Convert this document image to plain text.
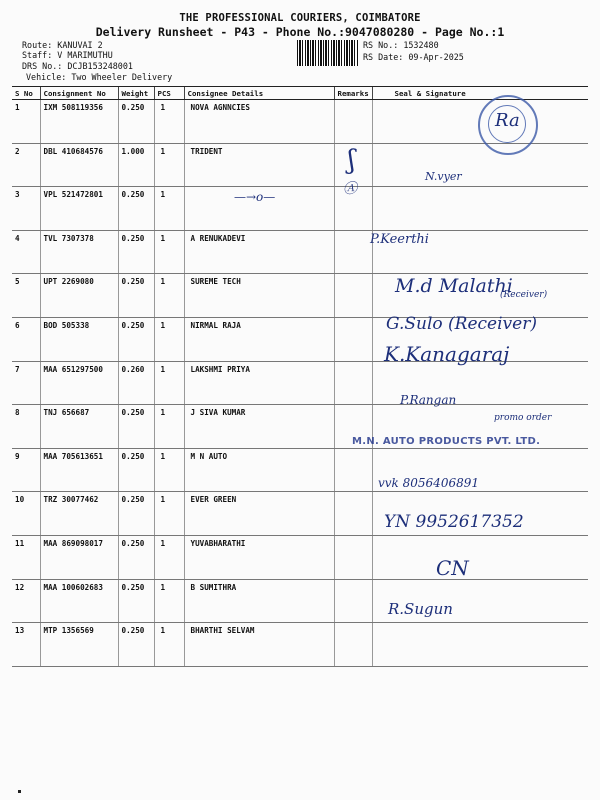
THE PROFESSIONAL COURIERS, COIMBATORE
Delivery Runsheet - P43 - Phone No.:9047080280 - Page No.:1
Route: KANUVAI 2
Staff: V MARIMUTHU
DRS No.: DCJB153248001
Vehicle: Two Wheeler Delivery
RS No.: 1532480
RS Date: 09-Apr-2025
S No	Consignment No	Weight	PCS	Consignee Details	Remarks	Seal & Signature
1	IXM 508119356	0.250	1	NOVA AGNNCIES		
2	DBL 410684576	1.000	1	TRIDENT		
3	VPL 521472801	0.250	1			
4	TVL 7307378	0.250	1	A RENUKADEVI		
5	UPT 2269080	0.250	1	SUREME TECH		
6	BOD 505338	0.250	1	NIRMAL RAJA		
7	MAA 651297500	0.260	1	LAKSHMI PRIYA		
8	TNJ 656687	0.250	1	J SIVA KUMAR		
9	MAA 705613651	0.250	1	M N AUTO		
10	TRZ 30077462	0.250	1	EVER GREEN		
11	MAA 869098017	0.250	1	YUVABHARATHI		
12	MAA 100602683	0.250	1	B SUMITHRA		
13	MTP 1356569	0.250	1	BHARTHI SELVAM		
Ra
ʃ
Ⓐ
N.vyer
—→o—
P.Keerthi
M.d Malathi
(Receiver)
G.Sulo (Receiver)
K.Kanagaraj
P.Rangan
promo order
M.N. AUTO PRODUCTS PVT. LTD.
vvk 8056406891
YN 9952617352
CN
R.Sugun
